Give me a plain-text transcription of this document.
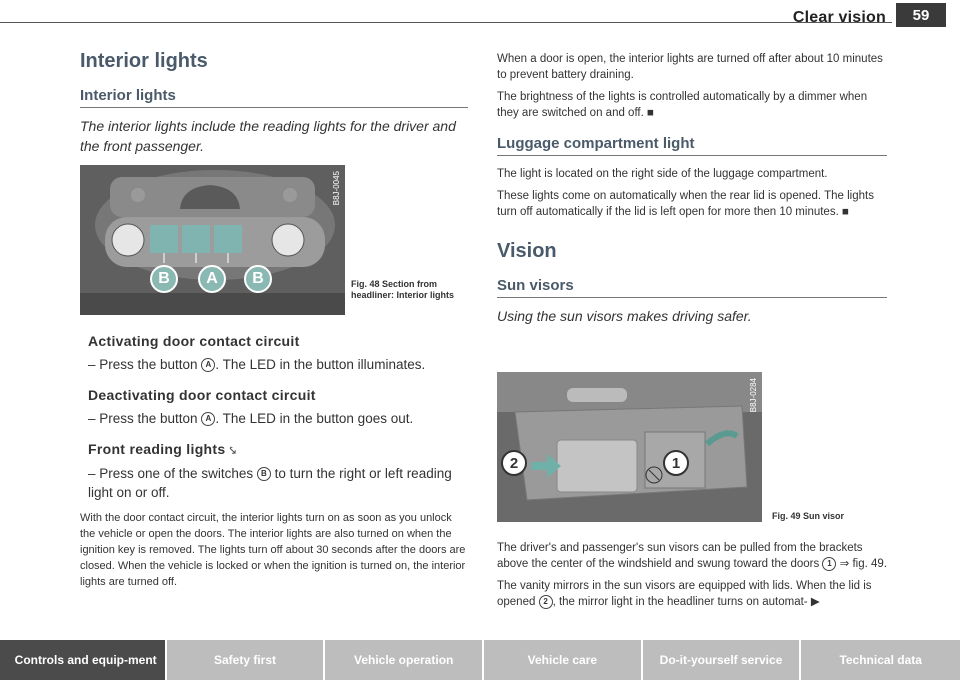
Clear vision	59
Interior lights
Interior lights
The interior lights include the reading lights for the driver and the front passenger.
B	A	B
B8J-0045
Fig. 48 Section from headliner: Interior lights
Activating door contact circuit
– Press the button A . The LED in the button illuminates.
Deactivating door contact circuit
– Press the button A . The LED in the button goes out.
Front reading lights ⤥
– Press one of the switches B to turn the right or left reading light on or off.
With the door contact circuit, the interior lights turn on as soon as you unlock the vehicle or open the doors. The interior lights are also turned on when the ignition key is removed. The lights turn off about 30 seconds after the doors are closed. When the vehicle is locked or when the ignition is turned on, the interior lights are turned off.
When a door is open, the interior lights are turned off after about 10 minutes to prevent battery draining.
The brightness of the lights is controlled automatically by a dimmer when they are switched on and off. ■
Luggage compartment light
The light is located on the right side of the luggage compartment.
These lights come on automatically when the rear lid is opened. The lights turn off automatically if the lid is left open for more then 10 minutes. ■
Vision
Sun visors
Using the sun visors makes driving safer.
2	1
B8J-0284
Fig. 49 Sun visor
The driver's and passenger's sun visors can be pulled from the brackets above the center of the windshield and swung toward the doors 1 ⇒ fig. 49.
The vanity mirrors in the sun visors are equipped with lids. When the lid is opened 2 , the mirror light in the headliner turns on automat- ▶
Controls and equip-ment	Safety first	Vehicle operation	Vehicle care	Do-it-yourself service	Technical data
